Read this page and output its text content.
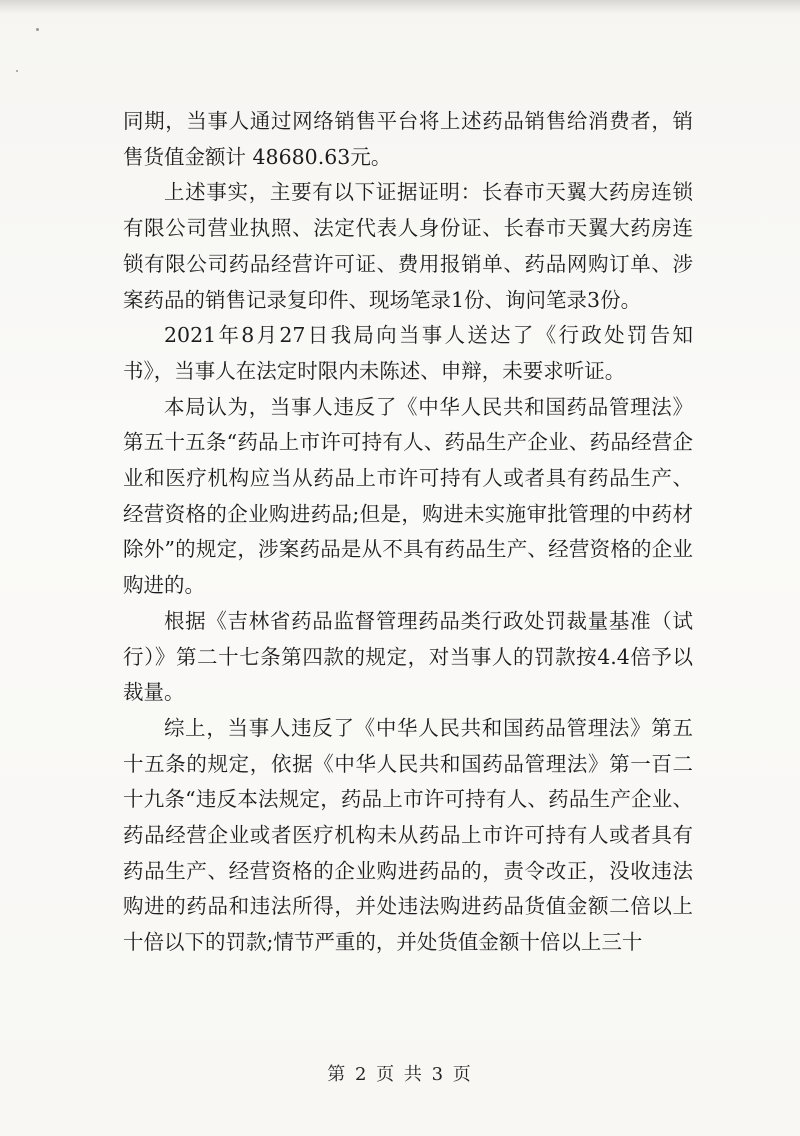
同期，当事人通过网络销售平台将上述药品销售给消费者，销售货值金额计 48680.63元。

上述事实，主要有以下证据证明：长春市天翼大药房连锁有限公司营业执照、法定代表人身份证、长春市天翼大药房连锁有限公司药品经营许可证、费用报销单、药品网购订单、涉案药品的销售记录复印件、现场笔录1份、询问笔录3份。

2021年8月27日我局向当事人送达了《行政处罚告知书》，当事人在法定时限内未陈述、申辩，未要求听证。

本局认为，当事人违反了《中华人民共和国药品管理法》第五十五条“药品上市许可持有人、药品生产企业、药品经营企业和医疗机构应当从药品上市许可持有人或者具有药品生产、经营资格的企业购进药品;但是，购进未实施审批管理的中药材除外”的规定，涉案药品是从不具有药品生产、经营资格的企业购进的。

根据《吉林省药品监督管理药品类行政处罚裁量基准（试行）》第二十七条第四款的规定，对当事人的罚款按4.4倍予以裁量。

综上，当事人违反了《中华人民共和国药品管理法》第五十五条的规定，依据《中华人民共和国药品管理法》第一百二十九条“违反本法规定，药品上市许可持有人、药品生产企业、药品经营企业或者医疗机构未从药品上市许可持有人或者具有药品生产、经营资格的企业购进药品的，责令改正，没收违法购进的药品和违法所得，并处违法购进药品货值金额二倍以上十倍以下的罚款;情节严重的，并处货值金额十倍以上三十

第 2 页 共 3 页
